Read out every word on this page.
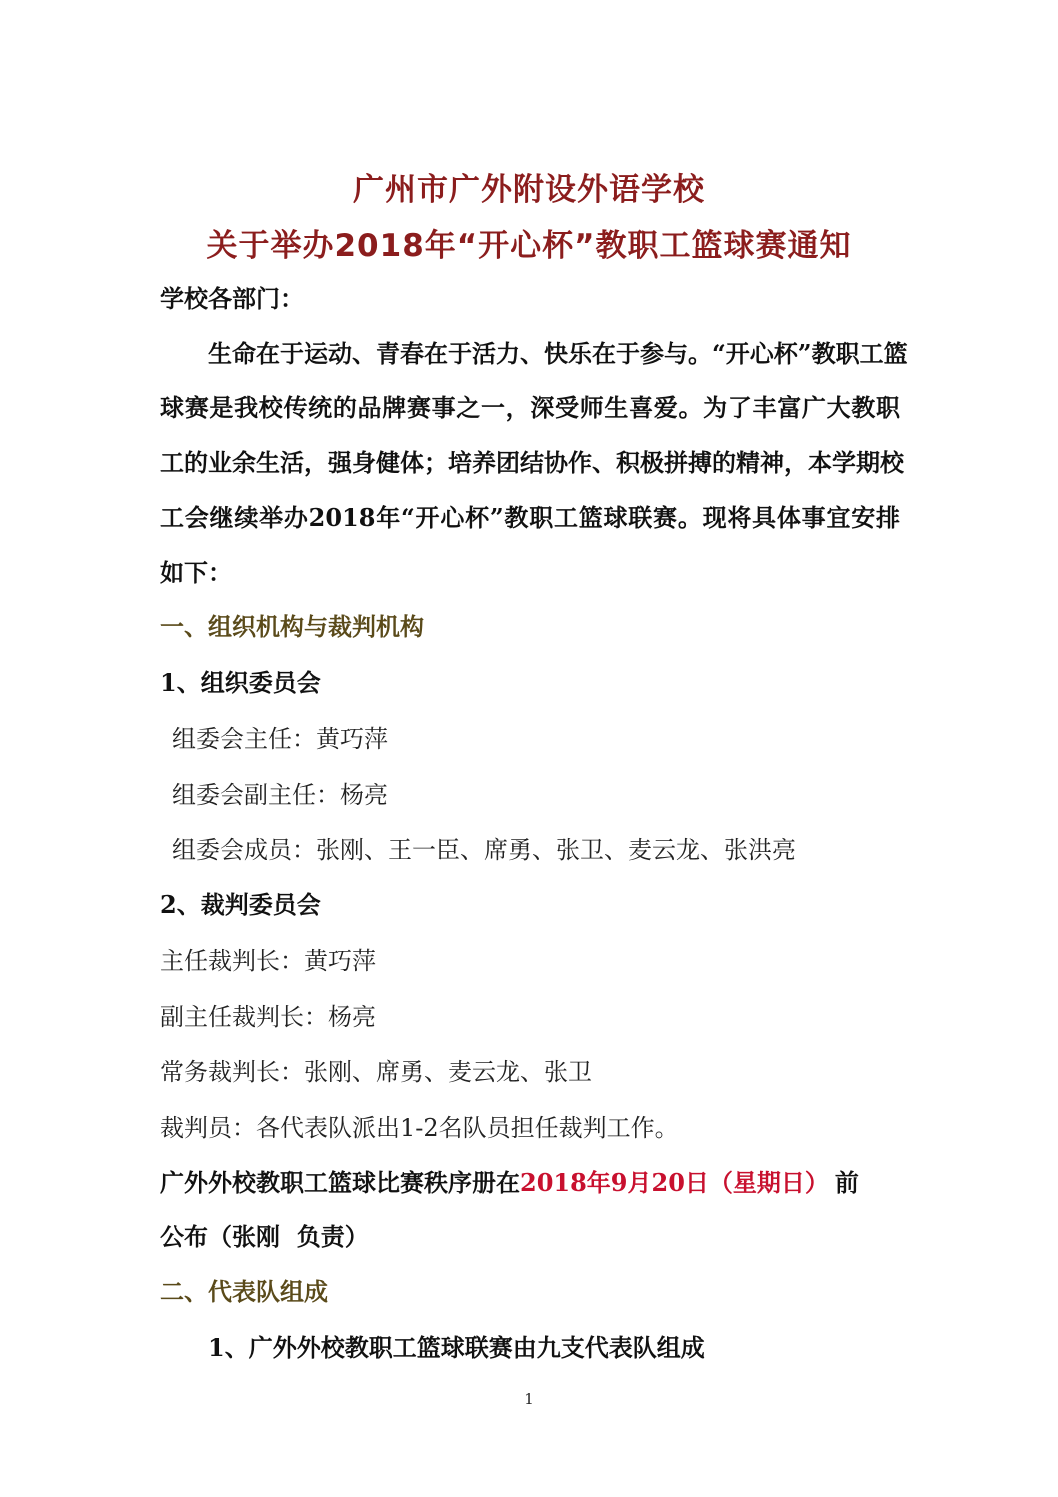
广州市广外附设外语学校
关于举办2018年“开心杯”教职工篮球赛通知
学校各部门：
生命在于运动、青春在于活力、快乐在于参与。“开心杯”教职工篮
球赛是我校传统的品牌赛事之一，深受师生喜爱。为了丰富广大教职
工的业余生活，强身健体；培养团结协作、积极拼搏的精神，本学期校
工会继续举办2018年“开心杯”教职工篮球联赛。现将具体事宜安排
如下：
一、组织机构与裁判机构
1、组织委员会
组委会主任：黄巧萍
组委会副主任：杨亮
组委会成员：张刚、王一臣、席勇、张卫、麦云龙、张洪亮
2、裁判委员会
主任裁判长：黄巧萍
副主任裁判长：杨亮
常务裁判长：张刚、席勇、麦云龙、张卫
裁判员：各代表队派出1-2名队员担任裁判工作。
广外外校教职工篮球比赛秩序册在2018年9月20日（星期日） 前
公布（张刚  负责）
二、代表队组成
1、广外外校教职工篮球联赛由九支代表队组成
1
